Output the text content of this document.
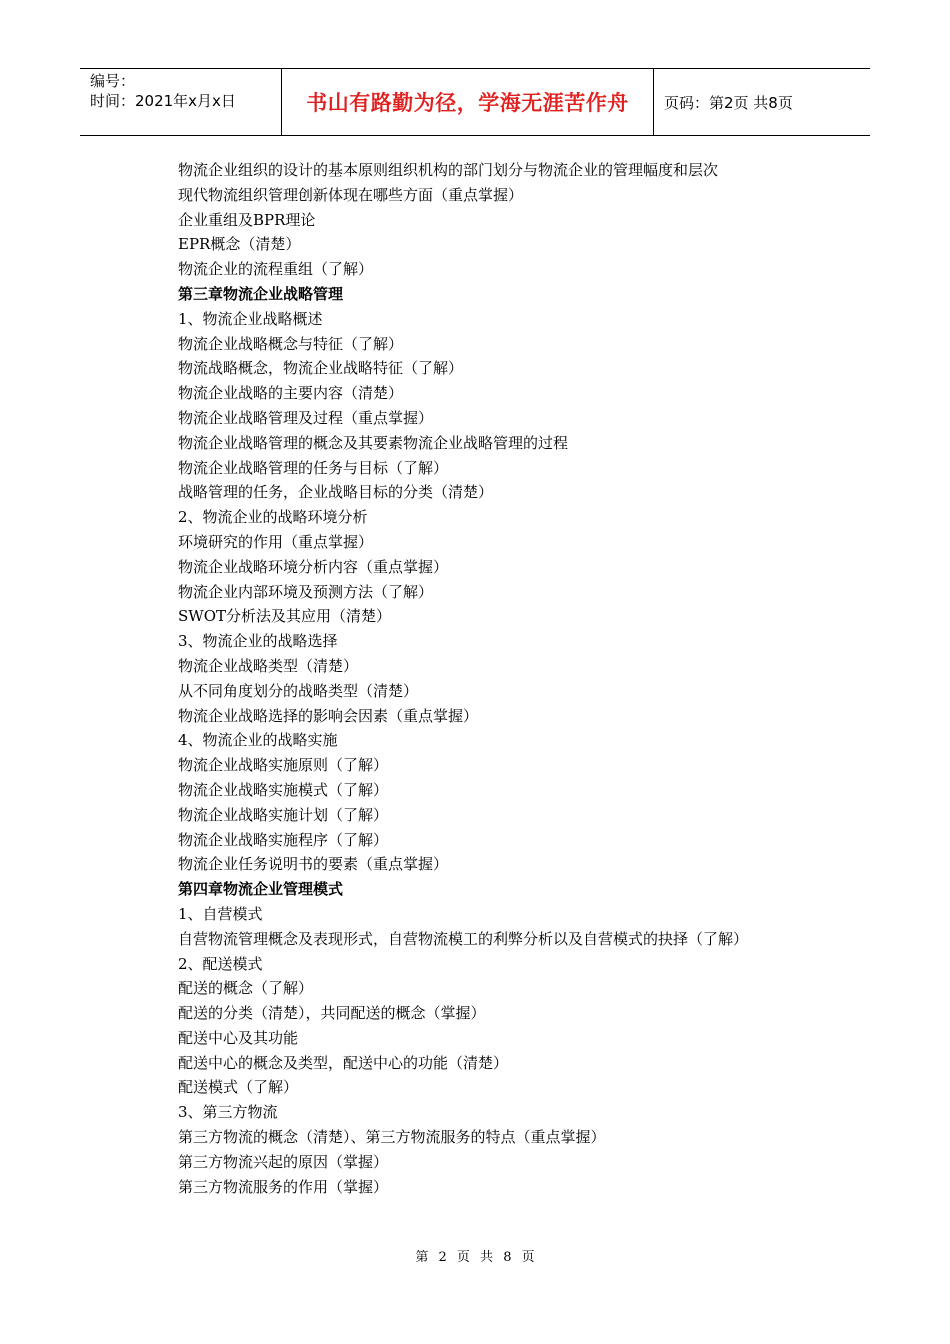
编号：
时间：2021年x月x日	书山有路勤为径，学海无涯苦作舟 页码：第2页 共8页
物流企业组织的设计的基本原则组织机构的部门划分与物流企业的管理幅度和层次
现代物流组织管理创新体现在哪些方面（重点掌握）
企业重组及BPR理论
EPR概念（清楚）
物流企业的流程重组（了解）
第三章物流企业战略管理
1、物流企业战略概述
物流企业战略概念与特征（了解）
物流战略概念，物流企业战略特征（了解）
物流企业战略的主要内容（清楚）
物流企业战略管理及过程（重点掌握）
物流企业战略管理的概念及其要素物流企业战略管理的过程
物流企业战略管理的任务与目标（了解）
战略管理的任务，企业战略目标的分类（清楚）
2、物流企业的战略环境分析
环境研究的作用（重点掌握）
物流企业战略环境分析内容（重点掌握）
物流企业内部环境及预测方法（了解）
SWOT分析法及其应用（清楚）
3、物流企业的战略选择
物流企业战略类型（清楚）
从不同角度划分的战略类型（清楚）
物流企业战略选择的影响会因素（重点掌握）
4、物流企业的战略实施
物流企业战略实施原则（了解）
物流企业战略实施模式（了解）
物流企业战略实施计划（了解）
物流企业战略实施程序（了解）
物流企业任务说明书的要素（重点掌握）
第四章物流企业管理模式
1、自营模式
自营物流管理概念及表现形式，自营物流模工的利弊分析以及自营模式的抉择（了解）
2、配送模式
配送的概念（了解）
配送的分类（清楚），共同配送的概念（掌握）
配送中心及其功能
配送中心的概念及类型，配送中心的功能（清楚）
配送模式（了解）
3、第三方物流
第三方物流的概念（清楚）、第三方物流服务的特点（重点掌握）
第三方物流兴起的原因（掌握）
第三方物流服务的作用（掌握）
第 2 页 共 8 页
